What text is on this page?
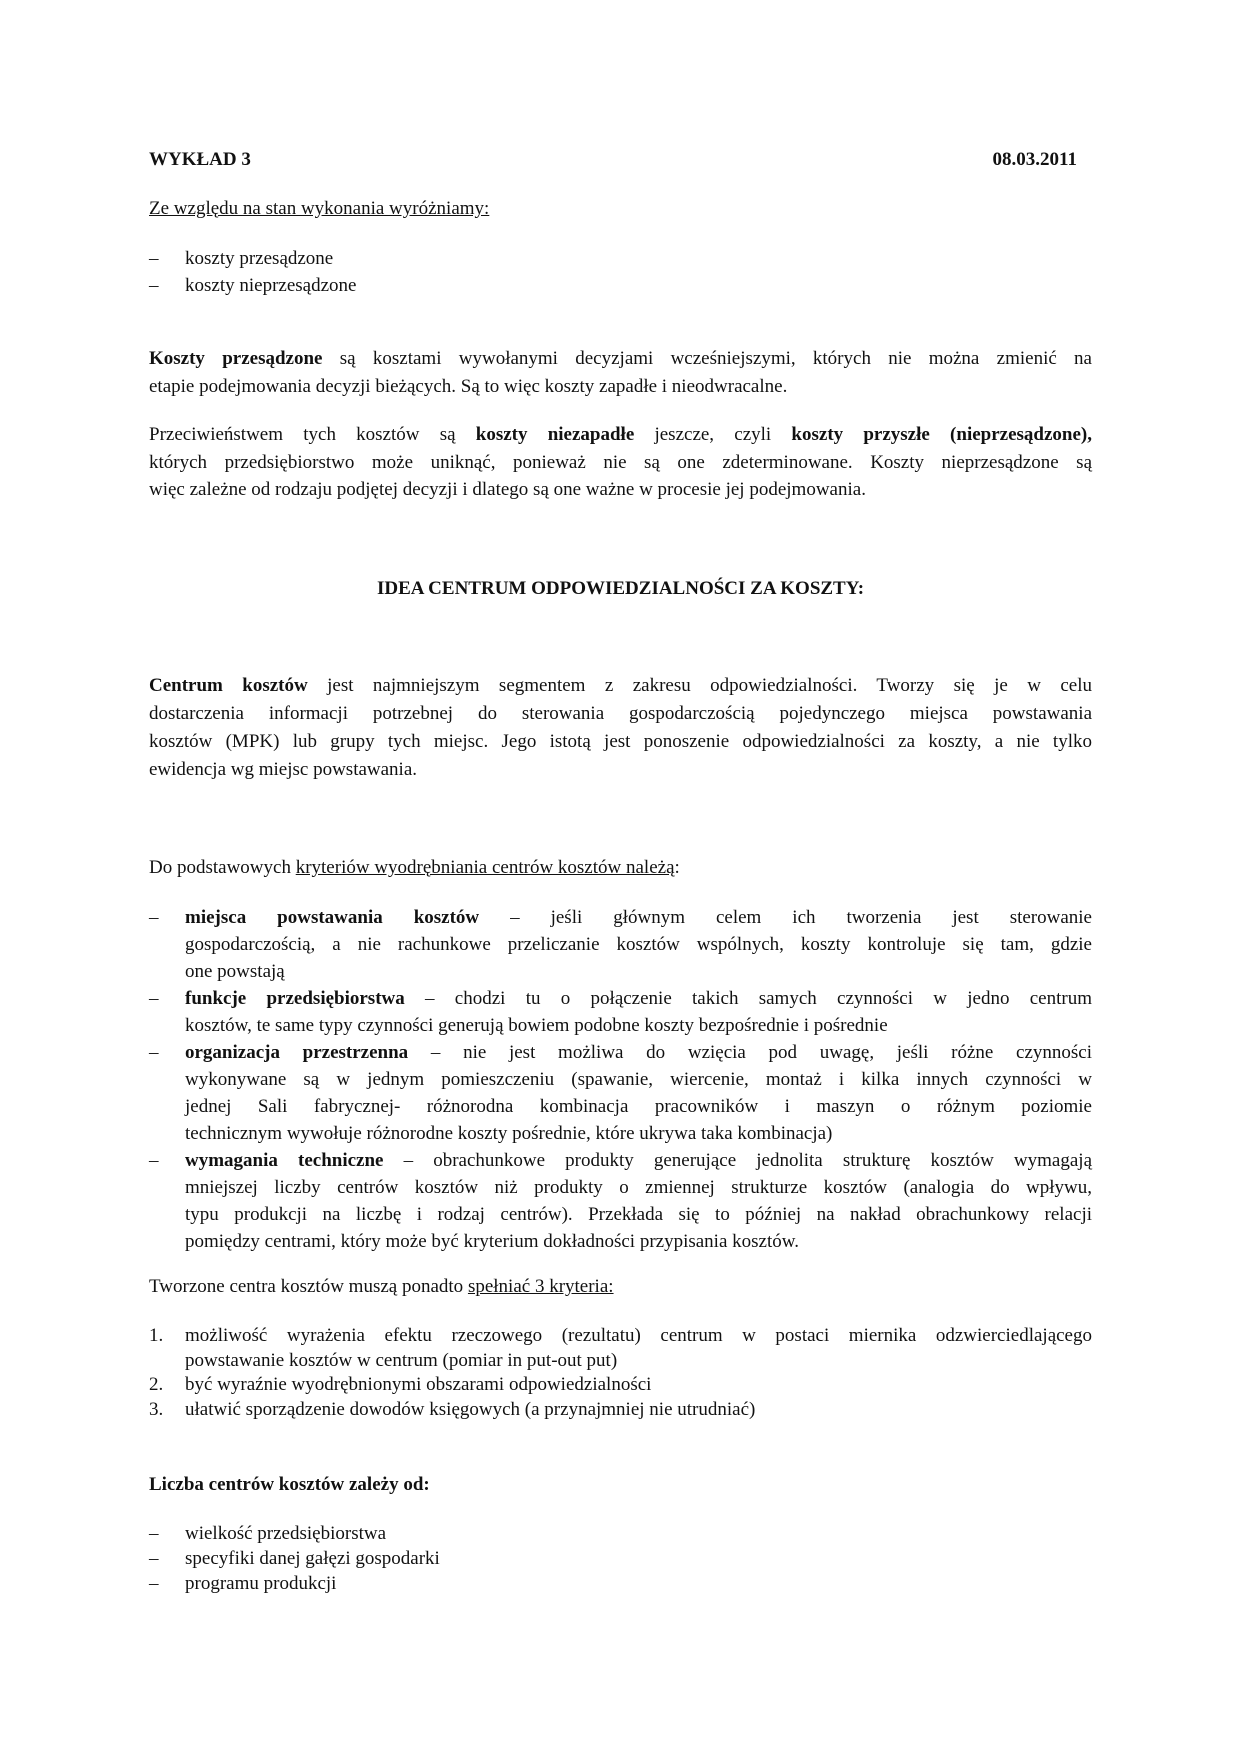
WYKŁAD 3	08.03.2011
Ze względu na stan wykonania wyróżniamy:
– koszty przesądzone
– koszty nieprzesądzone
Koszty przesądzone są kosztami wywołanymi decyzjami wcześniejszymi, których nie można zmienić na
etapie podejmowania decyzji bieżących. Są to więc koszty zapadłe i nieodwracalne.
Przeciwieństwem tych kosztów są koszty niezapadłe jeszcze, czyli koszty przyszłe (nieprzesądzone),
których przedsiębiorstwo może uniknąć, ponieważ nie są one zdeterminowane. Koszty nieprzesądzone są
więc zależne od rodzaju podjętej decyzji i dlatego są one ważne w procesie jej podejmowania.
IDEA CENTRUM ODPOWIEDZIALNOŚCI ZA KOSZTY:
Centrum kosztów jest najmniejszym segmentem z zakresu odpowiedzialności. Tworzy się je w celu
dostarczenia informacji potrzebnej do sterowania gospodarczością pojedynczego miejsca powstawania
kosztów (MPK) lub grupy tych miejsc. Jego istotą jest ponoszenie odpowiedzialności za koszty, a nie tylko
ewidencja wg miejsc powstawania.
Do podstawowych kryteriów wyodrębniania centrów kosztów należą:
– miejsca powstawania kosztów – jeśli głównym celem ich tworzenia jest sterowanie
gospodarczością, a nie rachunkowe przeliczanie kosztów wspólnych, koszty kontroluje się tam, gdzie
one powstają
– funkcje przedsiębiorstwa – chodzi tu o połączenie takich samych czynności w jedno centrum
kosztów, te same typy czynności generują bowiem podobne koszty bezpośrednie i pośrednie
– organizacja przestrzenna – nie jest możliwa do wzięcia pod uwagę, jeśli różne czynności
wykonywane są w jednym pomieszczeniu (spawanie, wiercenie, montaż i kilka innych czynności w
jednej Sali fabrycznej- różnorodna kombinacja pracowników i maszyn o różnym poziomie
technicznym wywołuje różnorodne koszty pośrednie, które ukrywa taka kombinacja)
– wymagania techniczne – obrachunkowe produkty generujące jednolita strukturę kosztów wymagają
mniejszej liczby centrów kosztów niż produkty o zmiennej strukturze kosztów (analogia do wpływu,
typu produkcji na liczbę i rodzaj centrów). Przekłada się to później na nakład obrachunkowy relacji
pomiędzy centrami, który może być kryterium dokładności przypisania kosztów.
Tworzone centra kosztów muszą ponadto spełniać 3 kryteria:
1. możliwość wyrażenia efektu rzeczowego (rezultatu) centrum w postaci miernika odzwierciedlającego
powstawanie kosztów w centrum (pomiar in put-out put)
2. być wyraźnie wyodrębnionymi obszarami odpowiedzialności
3. ułatwić sporządzenie dowodów księgowych (a przynajmniej nie utrudniać)
Liczba centrów kosztów zależy od:
– wielkość przedsiębiorstwa
– specyfiki danej gałęzi gospodarki
– programu produkcji
